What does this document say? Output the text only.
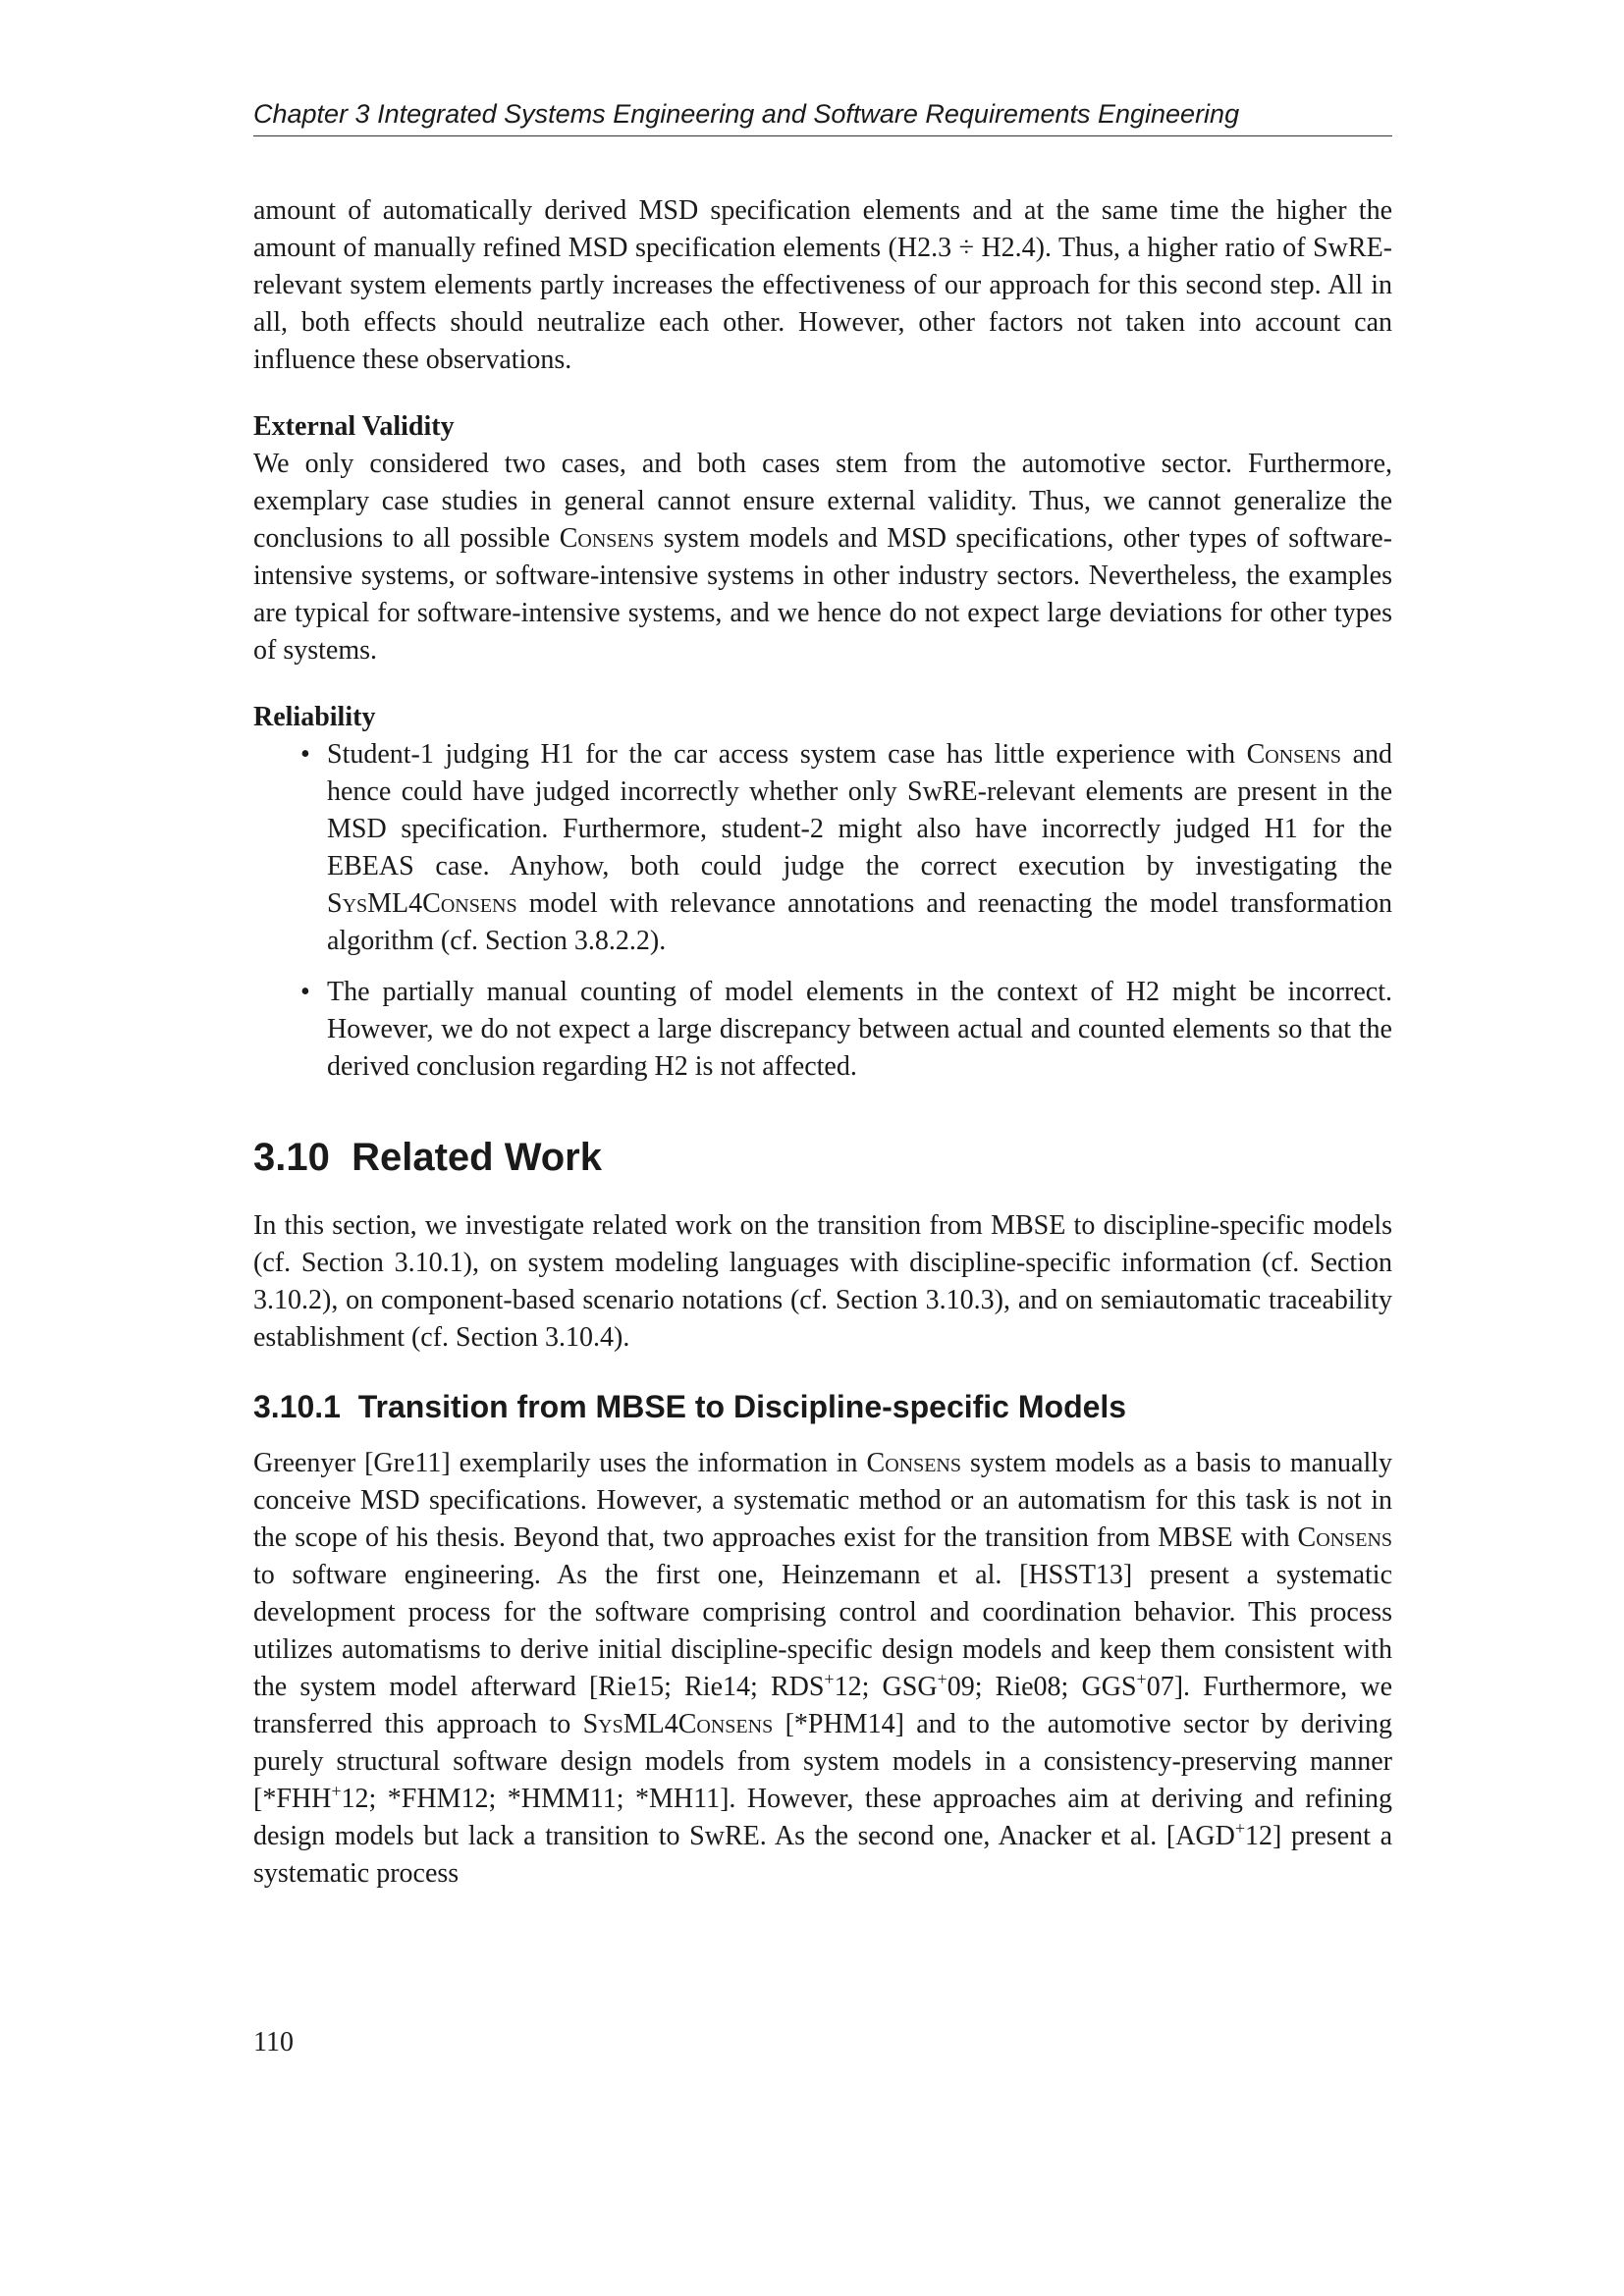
Chapter 3 Integrated Systems Engineering and Software Requirements Engineering

amount of automatically derived MSD specification elements and at the same time the higher the amount of manually refined MSD specification elements (H2.3 ÷ H2.4). Thus, a higher ratio of SwRE-relevant system elements partly increases the effectiveness of our approach for this second step. All in all, both effects should neutralize each other. However, other factors not taken into account can influence these observations.

External Validity

We only considered two cases, and both cases stem from the automotive sector. Furthermore, exemplary case studies in general cannot ensure external validity. Thus, we cannot generalize the conclusions to all possible Consens system models and MSD specifications, other types of software-intensive systems, or software-intensive systems in other industry sectors. Nevertheless, the examples are typical for software-intensive systems, and we hence do not expect large deviations for other types of systems.

Reliability
• Student-1 judging H1 for the car access system case has little experience with Consens and hence could have judged incorrectly whether only SwRE-relevant elements are present in the MSD specification. Furthermore, student-2 might also have incorrectly judged H1 for the EBEAS case. Anyhow, both could judge the correct execution by investigating the SysML4Consens model with relevance annotations and reenacting the model transformation algorithm (cf. Section 3.8.2.2).
• The partially manual counting of model elements in the context of H2 might be incorrect. However, we do not expect a large discrepancy between actual and counted elements so that the derived conclusion regarding H2 is not affected.
3.10 Related Work

In this section, we investigate related work on the transition from MBSE to discipline-specific models (cf. Section 3.10.1), on system modeling languages with discipline-specific information (cf. Section 3.10.2), on component-based scenario notations (cf. Section 3.10.3), and on semiautomatic traceability establishment (cf. Section 3.10.4).

3.10.1 Transition from MBSE to Discipline-specific Models

Greenyer [Gre11] exemplarily uses the information in Consens system models as a basis to manually conceive MSD specifications. However, a systematic method or an automatism for this task is not in the scope of his thesis. Beyond that, two approaches exist for the transition from MBSE with Consens to software engineering. As the first one, Heinzemann et al. [HSST13] present a systematic development process for the software comprising control and coordination behavior. This process utilizes automatisms to derive initial discipline-specific design models and keep them consistent with the system model afterward [Rie15; Rie14; RDS+12; GSG+09; Rie08; GGS+07]. Furthermore, we transferred this approach to SysML4Consens [*PHM14] and to the automotive sector by deriving purely structural software design models from system models in a consistency-preserving manner [*FHH+12; *FHM12; *HMM11; *MH11]. However, these approaches aim at deriving and refining design models but lack a transition to SwRE. As the second one, Anacker et al. [AGD+12] present a systematic process

110
